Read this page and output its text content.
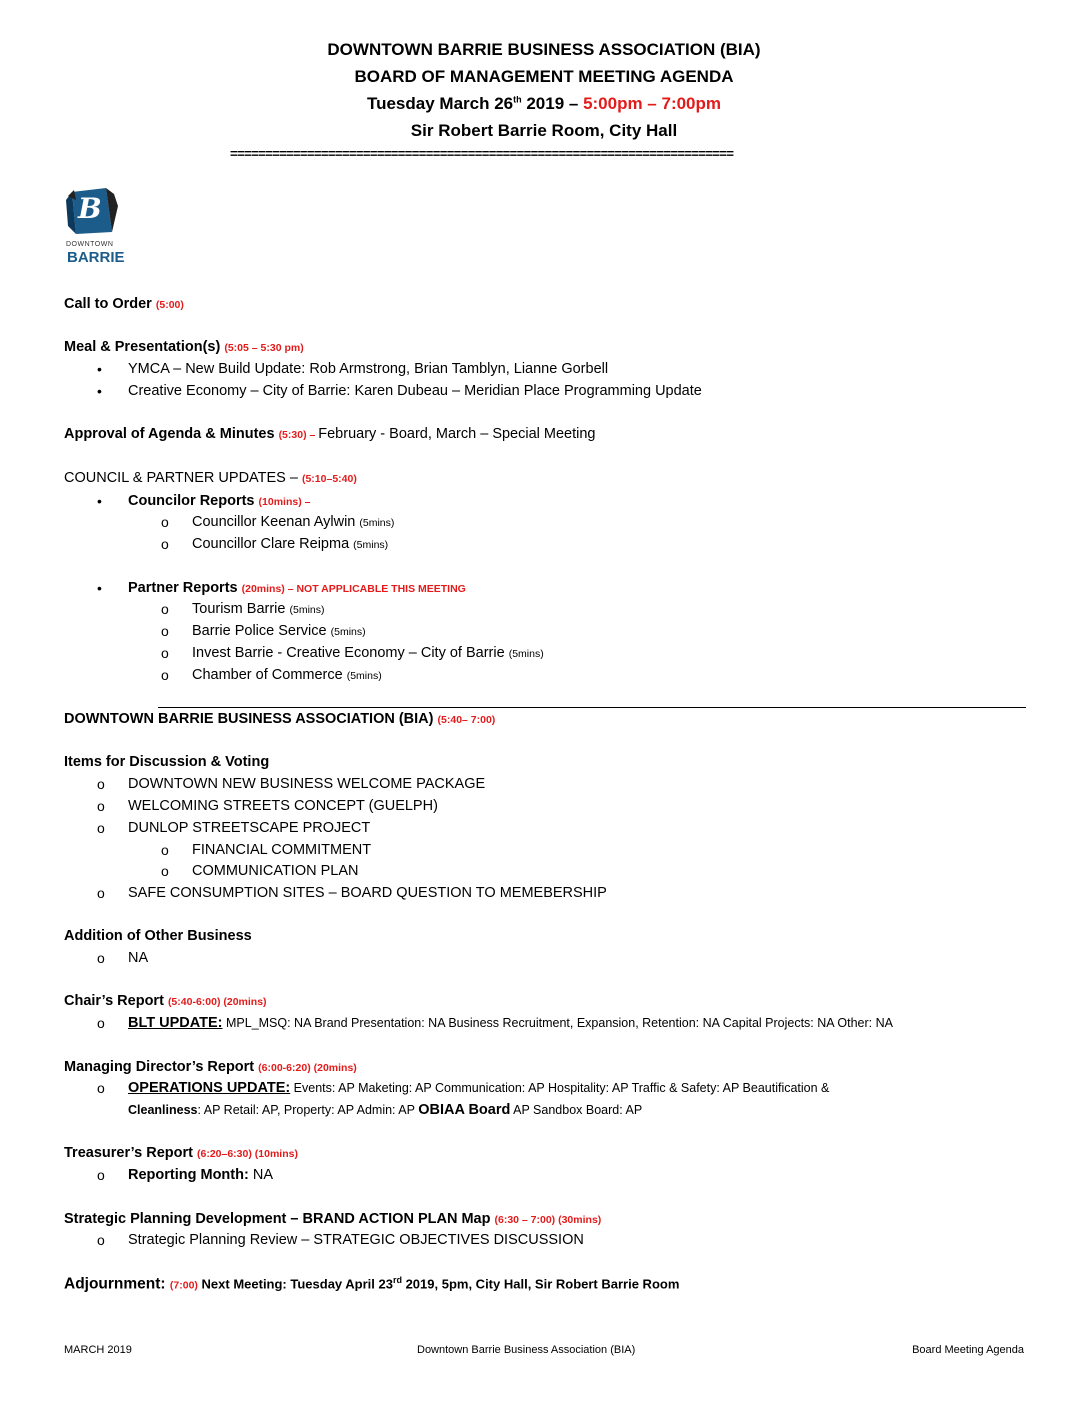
DOWNTOWN BARRIE BUSINESS ASSOCIATION (BIA)
BOARD OF MANAGEMENT MEETING AGENDA
Tuesday March 26th 2019 – 5:00pm – 7:00pm
Sir Robert Barrie Room, City Hall
========================================================================
B
DOWNTOWN
BARRIE
Call to Order (5:00)
Meal & Presentation(s) (5:05 – 5:30 pm)
• YMCA – New Build Update: Rob Armstrong, Brian Tamblyn, Lianne Gorbell
• Creative Economy – City of Barrie: Karen Dubeau – Meridian Place Programming Update
Approval of Agenda & Minutes (5:30) – February - Board, March – Special Meeting
COUNCIL & PARTNER UPDATES – (5:10–5:40)
• Councilor Reports (10mins) –
o Councillor Keenan Aylwin (5mins)
o Councillor Clare Reipma (5mins)
• Partner Reports (20mins) – NOT APPLICABLE THIS MEETING
o Tourism Barrie (5mins)
o Barrie Police Service (5mins)
o Invest Barrie - Creative Economy – City of Barrie (5mins)
o Chamber of Commerce (5mins)
DOWNTOWN BARRIE BUSINESS ASSOCIATION (BIA) (5:40– 7:00)
Items for Discussion & Voting
o DOWNTOWN NEW BUSINESS WELCOME PACKAGE
o WELCOMING STREETS CONCEPT (GUELPH)
o DUNLOP STREETSCAPE PROJECT
o FINANCIAL COMMITMENT
o COMMUNICATION PLAN
o SAFE CONSUMPTION SITES – BOARD QUESTION TO MEMEBERSHIP
Addition of Other Business
o NA
Chair’s Report (5:40-6:00) (20mins)
o BLT UPDATE: MPL_MSQ: NA Brand Presentation: NA Business Recruitment, Expansion, Retention: NA Capital Projects: NA Other: NA
Managing Director’s Report (6:00-6:20) (20mins)
o OPERATIONS UPDATE: Events: AP Maketing: AP Communication: AP Hospitality: AP Traffic & Safety: AP Beautification &
Cleanliness: AP Retail: AP, Property: AP Admin: AP OBIAA Board AP Sandbox Board: AP
Treasurer’s Report (6:20–6:30) (10mins)
o Reporting Month: NA
Strategic Planning Development – BRAND ACTION PLAN Map (6:30 – 7:00) (30mins)
o Strategic Planning Review – STRATEGIC OBJECTIVES DISCUSSION
Adjournment: (7:00) Next Meeting: Tuesday April 23rd 2019, 5pm, City Hall, Sir Robert Barrie Room
MARCH 2019	Downtown Barrie Business Association (BIA)	Board Meeting Agenda
